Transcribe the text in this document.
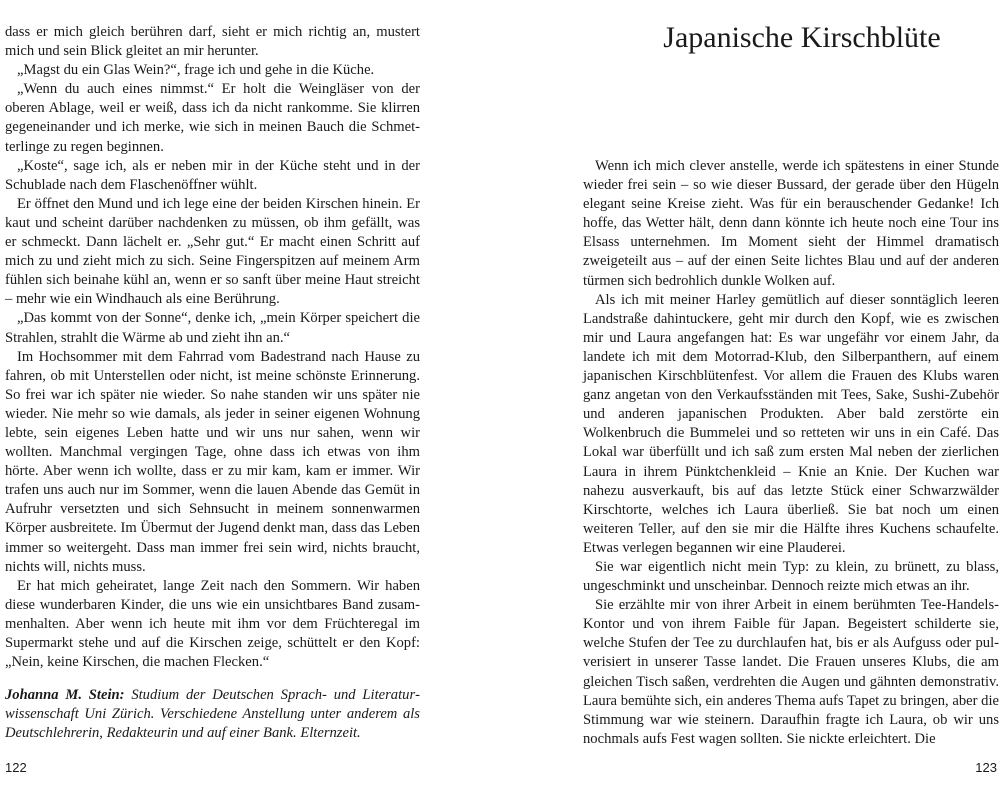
dass er mich gleich berühren darf, sieht er mich richtig an, mustert mich und sein Blick gleitet an mir herunter.

„Magst du ein Glas Wein?“, frage ich und gehe in die Küche.

„Wenn du auch eines nimmst.“ Er holt die Weingläser von der oberen Ablage, weil er weiß, dass ich da nicht rankomme. Sie klirren gegeneinander und ich merke, wie sich in meinen Bauch die Schmetterlinge zu regen beginnen.

„Koste“, sage ich, als er neben mir in der Küche steht und in der Schublade nach dem Flaschenöffner wühlt.

Er öffnet den Mund und ich lege eine der beiden Kirschen hinein. Er kaut und scheint darüber nachdenken zu müssen, ob ihm gefällt, was er schmeckt. Dann lächelt er. „Sehr gut.“ Er macht einen Schritt auf mich zu und zieht mich zu sich. Seine Fingerspitzen auf meinem Arm fühlen sich beinahe kühl an, wenn er so sanft über meine Haut streicht – mehr wie ein Windhauch als eine Berührung.

„Das kommt von der Sonne“, denke ich, „mein Körper speichert die Strahlen, strahlt die Wärme ab und zieht ihn an.“

Im Hochsommer mit dem Fahrrad vom Badestrand nach Hause zu fahren, ob mit Unterstellen oder nicht, ist meine schönste Erinnerung. So frei war ich später nie wieder. So nahe standen wir uns später nie wieder. Nie mehr so wie damals, als jeder in seiner eigenen Wohnung lebte, sein eigenes Leben hatte und wir uns nur sahen, wenn wir wollten. Manchmal vergingen Tage, ohne dass ich etwas von ihm hörte. Aber wenn ich wollte, dass er zu mir kam, kam er immer. Wir trafen uns auch nur im Sommer, wenn die lauen Abende das Gemüt in Aufruhr versetzten und sich Sehnsucht in meinem sonnenwarmen Körper ausbreitete. Im Übermut der Jugend denkt man, dass das Leben immer so weitergeht. Dass man immer frei sein wird, nichts braucht, nichts will, nichts muss.

Er hat mich geheiratet, lange Zeit nach den Sommern. Wir haben diese wunderbaren Kinder, die uns wie ein unsichtbares Band zusammenhalten. Aber wenn ich heute mit ihm vor dem Früchteregal im Supermarkt stehe und auf die Kirschen zeige, schüttelt er den Kopf: „Nein, keine Kirschen, die machen Flecken.“

Johanna M. Stein: Studium der Deutschen Sprach- und Literaturwissenschaft Uni Zürich. Verschiedene Anstellung unter anderem als Deutschlehrerin, Redakteurin und auf einer Bank. Elternzeit.
122
Japanische Kirschblüte

Wenn ich mich clever anstelle, werde ich spätestens in einer Stunde wieder frei sein – so wie dieser Bussard, der gerade über den Hügeln elegant seine Kreise zieht. Was für ein berauschender Gedanke! Ich hoffe, das Wetter hält, denn dann könnte ich heute noch eine Tour ins Elsass unternehmen. Im Moment sieht der Himmel dramatisch zweigeteilt aus – auf der einen Seite lichtes Blau und auf der anderen türmen sich bedrohlich dunkle Wolken auf.

Als ich mit meiner Harley gemütlich auf dieser sonntäglich leeren Landstraße dahintuckere, geht mir durch den Kopf, wie es zwischen mir und Laura angefangen hat: Es war ungefähr vor einem Jahr, da landete ich mit dem Motorrad-Klub, den Silberpanthern, auf einem japanischen Kirschblütenfest. Vor allem die Frauen des Klubs waren ganz angetan von den Verkaufsständen mit Tees, Sake, Sushi-Zubehör und anderen japanischen Produkten. Aber bald zerstörte ein Wolkenbruch die Bummelei und so retteten wir uns in ein Café. Das Lokal war überfüllt und ich saß zum ersten Mal neben der zierlichen Laura in ihrem Pünktchenkleid – Knie an Knie. Der Kuchen war nahezu ausverkauft, bis auf das letzte Stück einer Schwarzwälder Kirschtorte, welches ich Laura überließ. Sie bat noch um einen weiteren Teller, auf den sie mir die Hälfte ihres Kuchens schaufelte. Etwas verlegen begannen wir eine Plauderei.

Sie war eigentlich nicht mein Typ: zu klein, zu brünett, zu blass, ungeschminkt und unscheinbar. Dennoch reizte mich etwas an ihr.

Sie erzählte mir von ihrer Arbeit in einem berühmten Tee-Handels-Kontor und von ihrem Faible für Japan. Begeistert schilderte sie, welche Stufen der Tee zu durchlaufen hat, bis er als Aufguss oder pulverisiert in unserer Tasse landet. Die Frauen unseres Klubs, die am gleichen Tisch saßen, verdrehten die Augen und gähnten demonstrativ. Laura bemühte sich, ein anderes Thema aufs Tapet zu bringen, aber die Stimmung war wie steinern. Daraufhin fragte ich Laura, ob wir uns nochmals aufs Fest wagen sollten. Sie nickte erleichtert. Die

123
